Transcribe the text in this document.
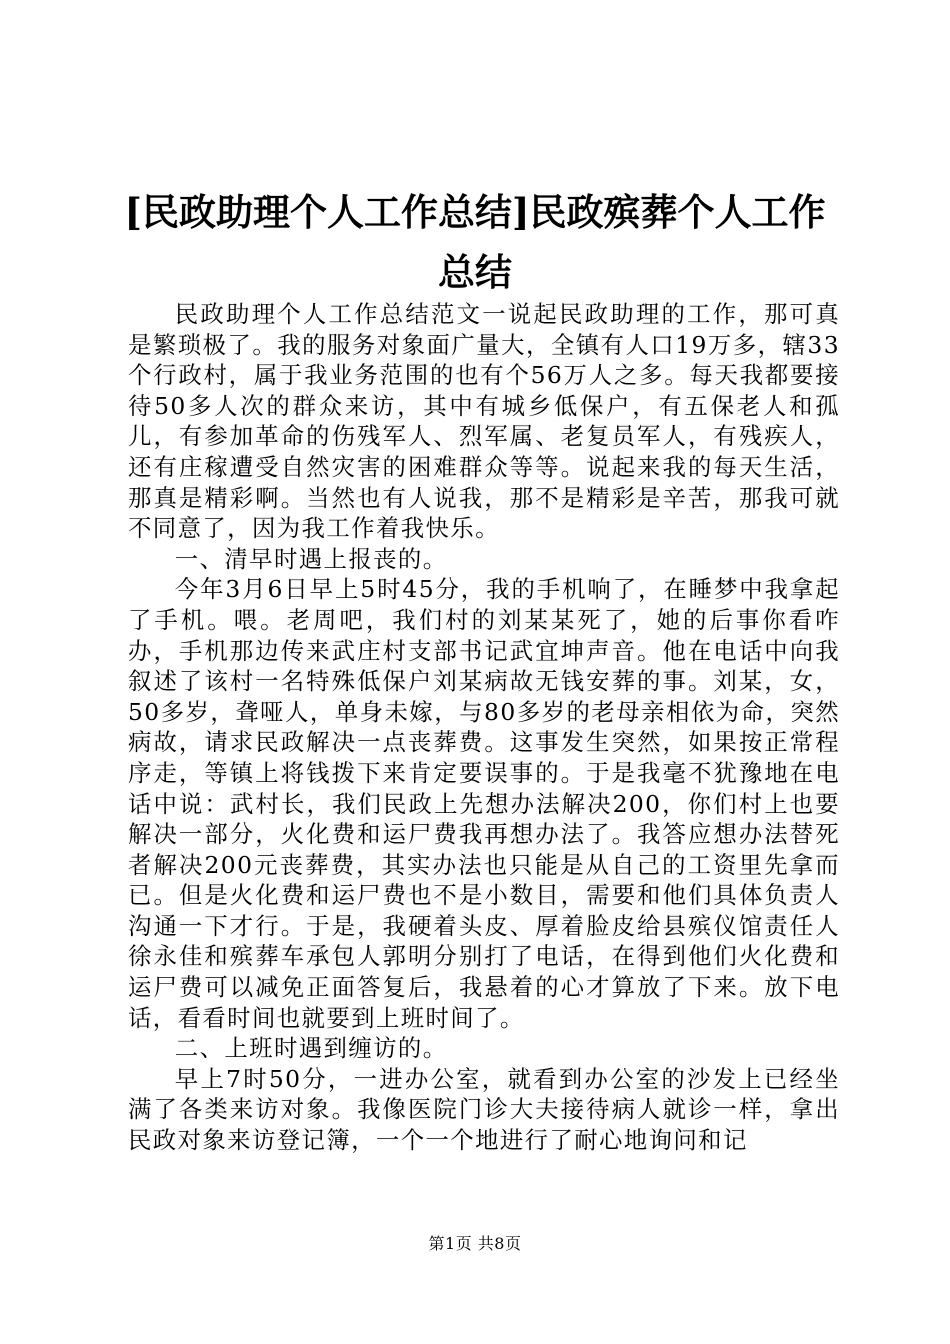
[民政助理个人工作总结]民政殡葬个人工作总结

民政助理个人工作总结范文一说起民政助理的工作，那可真是繁琐极了。我的服务对象面广量大，全镇有人口19万多，辖33个行政村，属于我业务范围的也有个56万人之多。每天我都要接待50多人次的群众来访，其中有城乡低保户，有五保老人和孤儿，有参加革命的伤残军人、烈军属、老复员军人，有残疾人，还有庄稼遭受自然灾害的困难群众等等。说起来我的每天生活，那真是精彩啊。当然也有人说我，那不是精彩是辛苦，那我可就不同意了，因为我工作着我快乐。

一、清早时遇上报丧的。

今年3月6日早上5时45分，我的手机响了，在睡梦中我拿起了手机。喂。老周吧，我们村的刘某某死了，她的后事你看咋办，手机那边传来武庄村支部书记武宜坤声音。他在电话中向我叙述了该村一名特殊低保户刘某病故无钱安葬的事。刘某，女，50多岁，聋哑人，单身未嫁，与80多岁的老母亲相依为命，突然病故，请求民政解决一点丧葬费。这事发生突然，如果按正常程序走，等镇上将钱拨下来肯定要误事的。于是我毫不犹豫地在电话中说：武村长，我们民政上先想办法解决200，你们村上也要解决一部分，火化费和运尸费我再想办法了。我答应想办法替死者解决200元丧葬费，其实办法也只能是从自己的工资里先拿而已。但是火化费和运尸费也不是小数目，需要和他们具体负责人沟通一下才行。于是，我硬着头皮、厚着脸皮给县殡仪馆责任人徐永佳和殡葬车承包人郭明分别打了电话，在得到他们火化费和运尸费可以减免正面答复后，我悬着的心才算放了下来。放下电话，看看时间也就要到上班时间了。

二、上班时遇到缠访的。

早上7时50分，一进办公室，就看到办公室的沙发上已经坐满了各类来访对象。我像医院门诊大夫接待病人就诊一样，拿出民政对象来访登记簿，一个一个地进行了耐心地询问和记

第1页 共8页
